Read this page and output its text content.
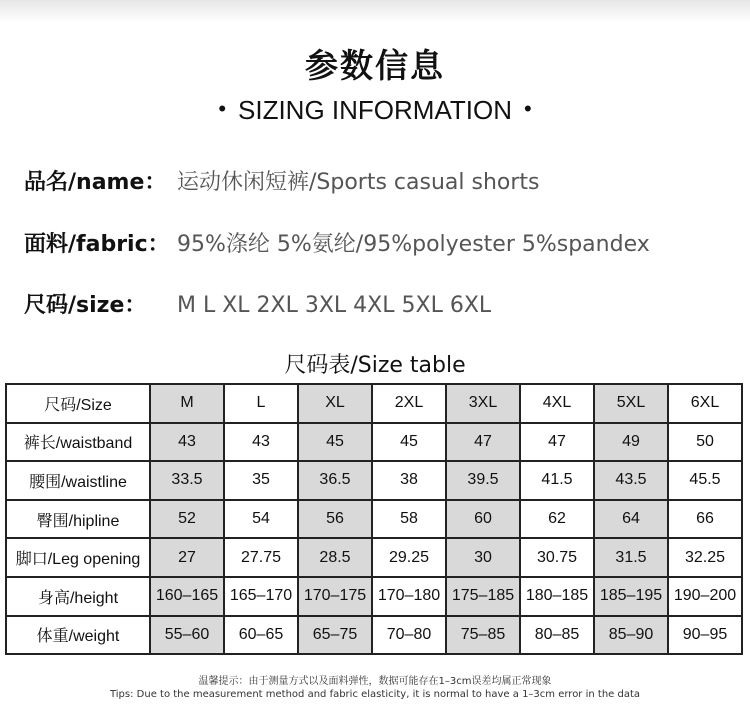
参数信息
• SIZING INFORMATION •
品名/name： 运动休闲短裤/Sports casual shorts
面料/fabric： 95%涤纶 5%氨纶/95%polyester 5%spandex
尺码/size： M L XL 2XL 3XL 4XL 5XL 6XL
尺码表/Size table
尺码/Size	M	L	XL	2XL	3XL	4XL	5XL	6XL
裤长/waistband	43	43	45	45	47	47	49	50
腰围/waistline	33.5	35	36.5	38	39.5	41.5	43.5	45.5
臀围/hipline	52	54	56	58	60	62	64	66
脚口/Leg opening	27	27.75	28.5	29.25	30	30.75	31.5	32.25
身高/height	160–165	165–170	170–175	170–180	175–185	180–185	185–195	190–200
体重/weight	55–60	60–65	65–75	70–80	75–85	80–85	85–90	90–95
温馨提示：由于测量方式以及面料弹性，数据可能存在1–3cm误差均属正常现象
Tips: Due to the measurement method and fabric elasticity, it is normal to have a 1–3cm error in the data
